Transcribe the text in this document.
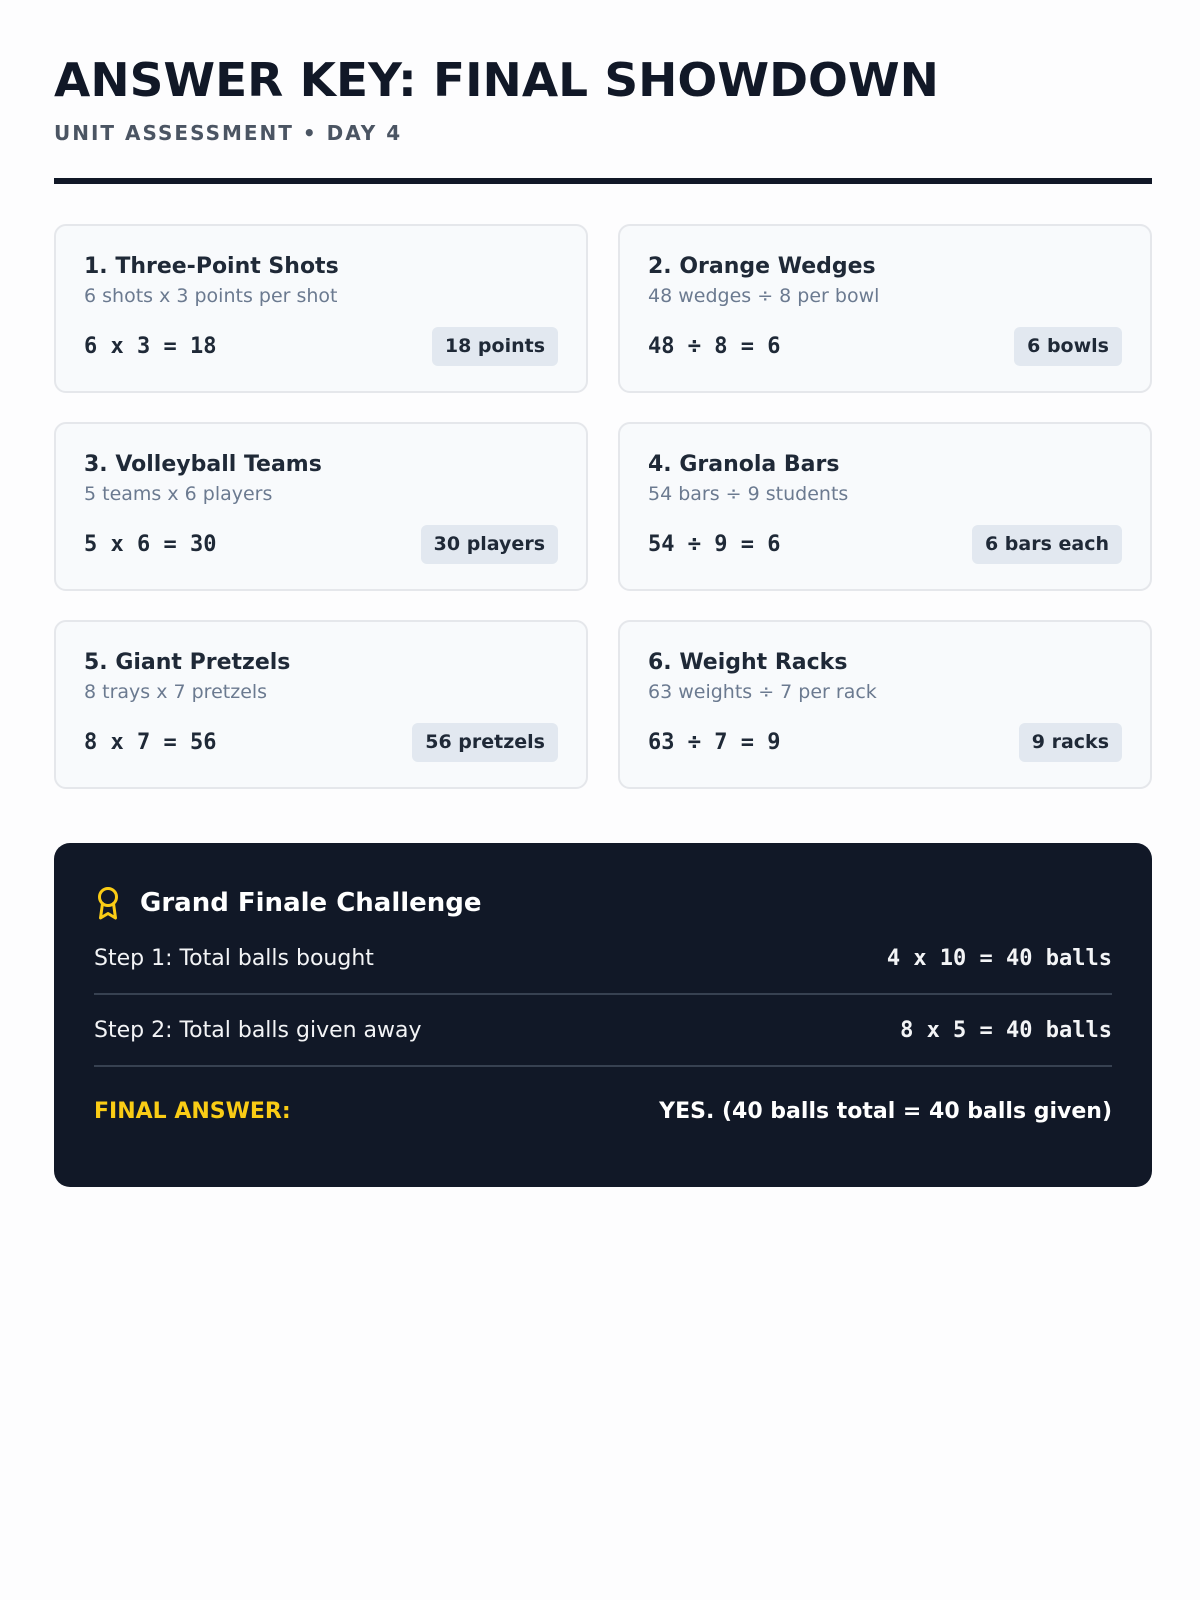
ANSWER KEY: FINAL SHOWDOWN
UNIT ASSESSMENT • DAY 4
1. Three-Point Shots
6 shots x 3 points per shot
6 x 3 = 18	18 points
2. Orange Wedges
48 wedges ÷ 8 per bowl
48 ÷ 8 = 6	6 bowls
3. Volleyball Teams
5 teams x 6 players
5 x 6 = 30	30 players
4. Granola Bars
54 bars ÷ 9 students
54 ÷ 9 = 6	6 bars each
5. Giant Pretzels
8 trays x 7 pretzels
8 x 7 = 56	56 pretzels
6. Weight Racks
63 weights ÷ 7 per rack
63 ÷ 7 = 9	9 racks
Grand Finale Challenge
Step 1: Total balls bought	4 x 10 = 40 balls
Step 2: Total balls given away	8 x 5 = 40 balls
FINAL ANSWER:	YES. (40 balls total = 40 balls given)
